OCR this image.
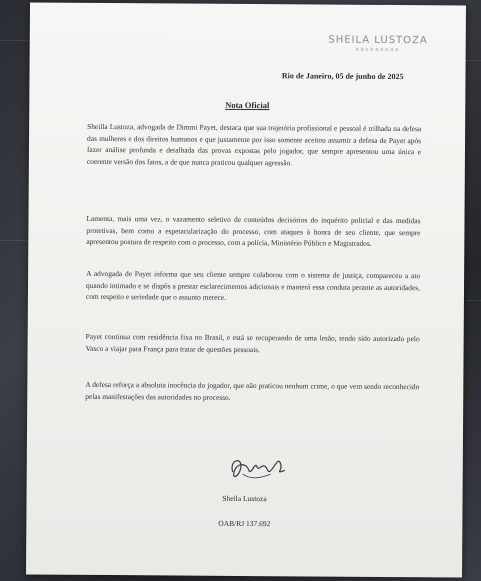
SHEILA LUSTOZA
ADVOGADOS
Rio de Janeiro, 05 de junho de 2025
Nota Oficial

Sheilla Lustoza, advogada de Dimmi Payet, destaca que sua trajetória profissional e pessoal é trilhada na defesa das mulheres e dos direitos humanos e que justamente por isso somente aceitou assumir a defesa de Payet após fazer análise profunda e detalhada das provas expostas pelo jogador, que sempre apresentou uma única e coerente versão dos fatos, a de que nunca praticou qualquer agressão.

Lamenta, mais uma vez, o vazamento seletivo de conteúdos decisórios do inquérito policial e das medidas protetivas, bem como a espetacularização do processo, com ataques à honra de seu cliente, que sempre apresentou postura de respeito com o processo, com a polícia, Ministério Público e Magistrados.

A advogada de Payet informa que seu cliente sempre colaborou com o sistema de justiça, compareceu a ato quando intimado e se dispôs a prestar esclarecimentos adicionais e manterá essa conduta perante as autoridades, com respeito e seriedade que o assunto merece.

Payet continua com residência fixa no Brasil, e está se recuperando de uma lesão, tendo sido autorizado pelo Vasco a viajar para França para tratar de questões pessoais.

A defesa reforça a absoluta inocência do jogador, que não praticou nenhum crime, o que vem sendo reconhecido pelas manifestações das autoridades no processo.

Sheila Lustoza
OAB/RJ 137.692
